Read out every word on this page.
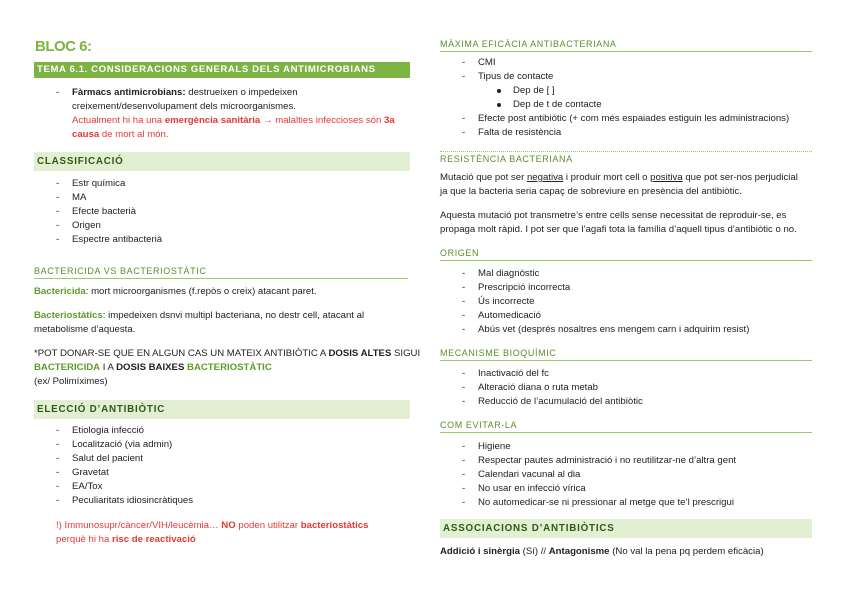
BLOC 6:
TEMA 6.1. CONSIDERACIONS GENERALS DELS ANTIMICROBIANS
- Fàrmacs antimicrobians: destrueixen o impedeixen
creixement/desenvolupament dels microorganismes.
Actualment hi ha una emergència sanitària → malalties infeccioses són 3a
causa de mort al món.
CLASSIFICACIÓ
- Estr química
- MA
- Efecte bacterià
- Origen
- Espectre antibacterià
BACTERICIDA VS BACTERIOSTÀTIC
Bactericida: mort microorganismes (f.repòs o creix) atacant paret.
Bacteriostàtics: impedeixen dsnvi multipl bacteriana, no destr cell, atacant al
metabolisme d’aquesta.
*POT DONAR-SE QUE EN ALGUN CAS UN MATEIX ANTIBIÒTIC A DOSIS ALTES SIGUI
BACTERICIDA I A DOSIS BAIXES BACTERIOSTÀTIC
(ex/ Polimíximes)
ELECCIÓ D’ANTIBIÒTIC
- Etiologia infecció
- Localització (via admin)
- Salut del pacient
- Gravetat
- EA/Tox
- Peculiaritats idiosincràtiques
!) Immunosupr/càncer/VIH/leucèmia… NO poden utilitzar bacteriostàtics
perquè hi ha risc de reactivació
MÀXIMA EFICÀCIA ANTIBACTERIANA
- CMI
- Tipus de contacte
Dep de [ ]
Dep de t de contacte
- Efecte post antibiòtic (+ com més espaiades estiguin les administracions)
- Falta de resistència
RESISTÈNCIA BACTERIANA
Mutació que pot ser negativa i produir mort cell o positiva que pot ser-nos perjudicial
ja que la bacteria seria capaç de sobreviure en presència del antibiòtic.
Aquesta mutació pot transmetre’s entre cells sense necessitat de reproduir-se, es
propaga molt ràpid. I pot ser que l’agafi tota la família d’aquell tipus d’antibiòtic o no.
ORIGEN
- Mal diagnòstic
- Prescripció incorrecta
- Ús incorrecte
- Automedicació
- Abús vet (després nosaltres ens mengem carn i adquirim resist)
MECANISME BIOQUÍMIC
- Inactivació del fc
- Alteració diana o ruta metab
- Reducció de l’acumulació del antibiòtic
COM EVITAR-LA
- Higiene
- Respectar pautes administració i no reutilitzar-ne d’altra gent
- Calendari vacunal al dia
- No usar en infecció vírica
- No automedicar-se ni pressionar al metge que te’l prescrigui
ASSOCIACIONS D’ANTIBIÒTICS
Addició i sinèrgia (Sí) // Antagonisme (No val la pena pq perdem eficàcia)
